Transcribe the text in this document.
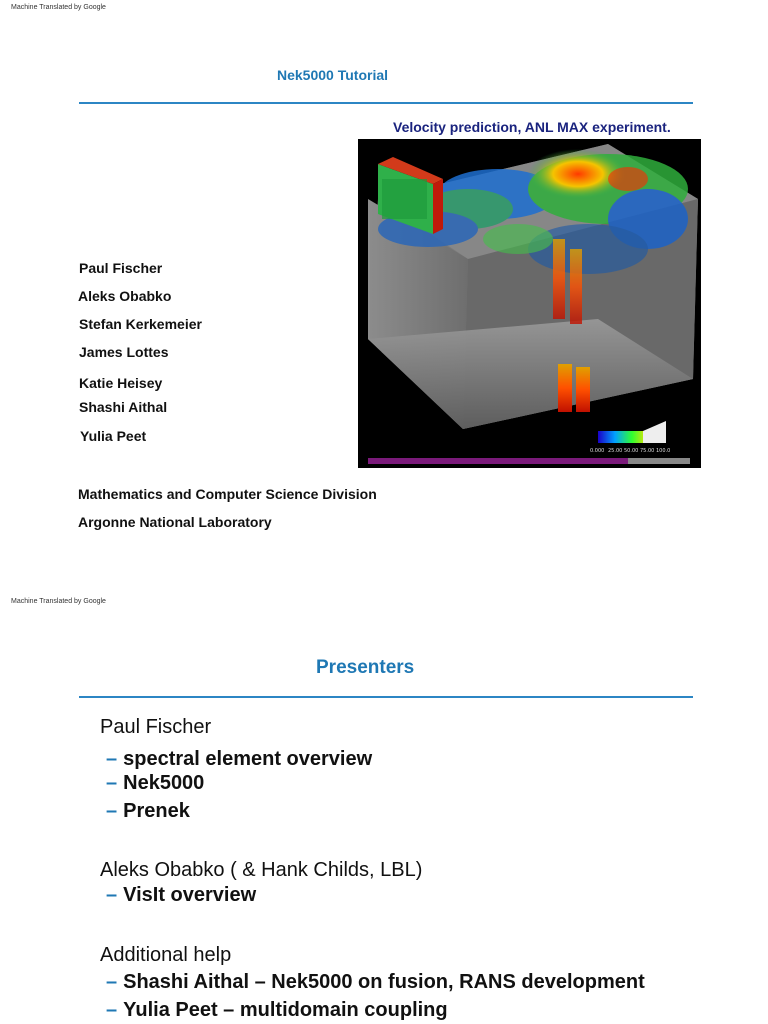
Machine Translated by Google
Nek5000 Tutorial
Velocity prediction, ANL MAX experiment.
0.000 25.00 50.00 75.00 100.0
Paul Fischer
Aleks Obabko
Stefan Kerkemeier
James Lottes
Katie Heisey
Shashi Aithal
Yulia Peet
Mathematics and Computer Science Division
Argonne National Laboratory
Machine Translated by Google
Presenters
Paul Fischer
– spectral element overview
– Nek5000
– Prenek
Aleks Obabko ( & Hank Childs, LBL)
– VisIt overview
Additional help
– Shashi Aithal – Nek5000 on fusion, RANS development
– Yulia Peet – multidomain coupling
